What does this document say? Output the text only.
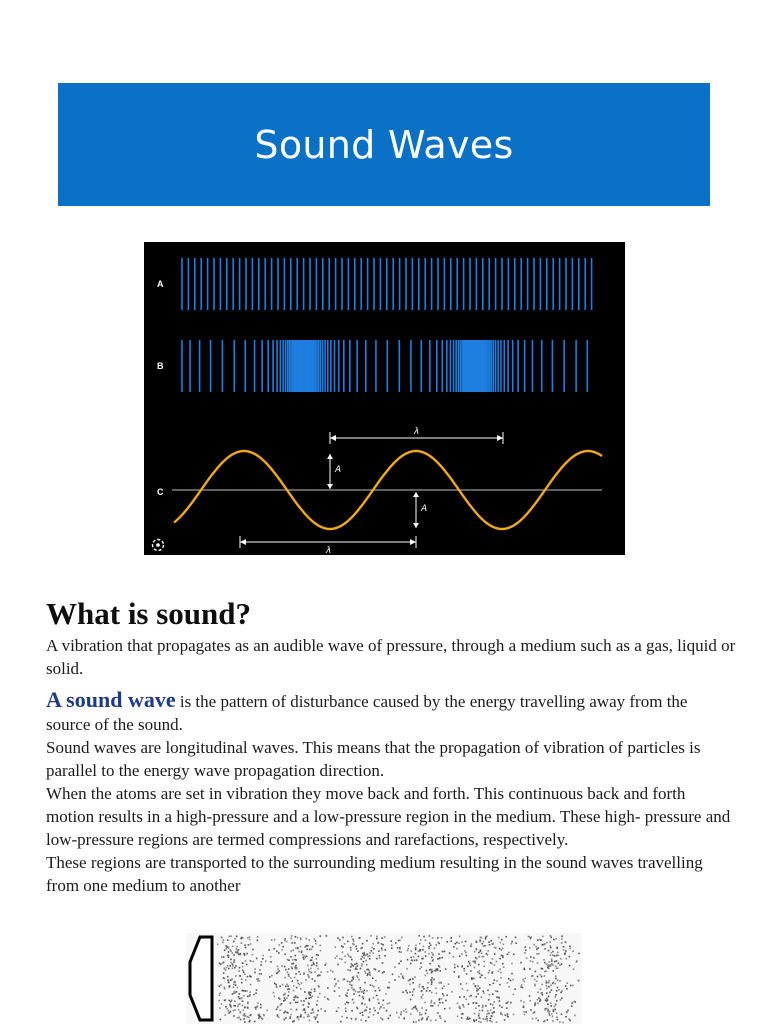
Sound Waves
A
B
C
λ
λ
A
A
What is sound?

A vibration that propagates as an audible wave of pressure, through a medium such as a gas, liquid or solid.

A sound wave is the pattern of disturbance caused by the energy travelling away from the source of the sound.

Sound waves are longitudinal waves. This means that the propagation of vibration of particles is parallel to the energy wave propagation direction.

When the atoms are set in vibration they move back and forth. This continuous back and forth motion results in a high-pressure and a low-pressure region in the medium. These high- pressure and low-pressure regions are termed compressions and rarefactions, respectively.

These regions are transported to the surrounding medium resulting in the sound waves travelling from one medium to another
